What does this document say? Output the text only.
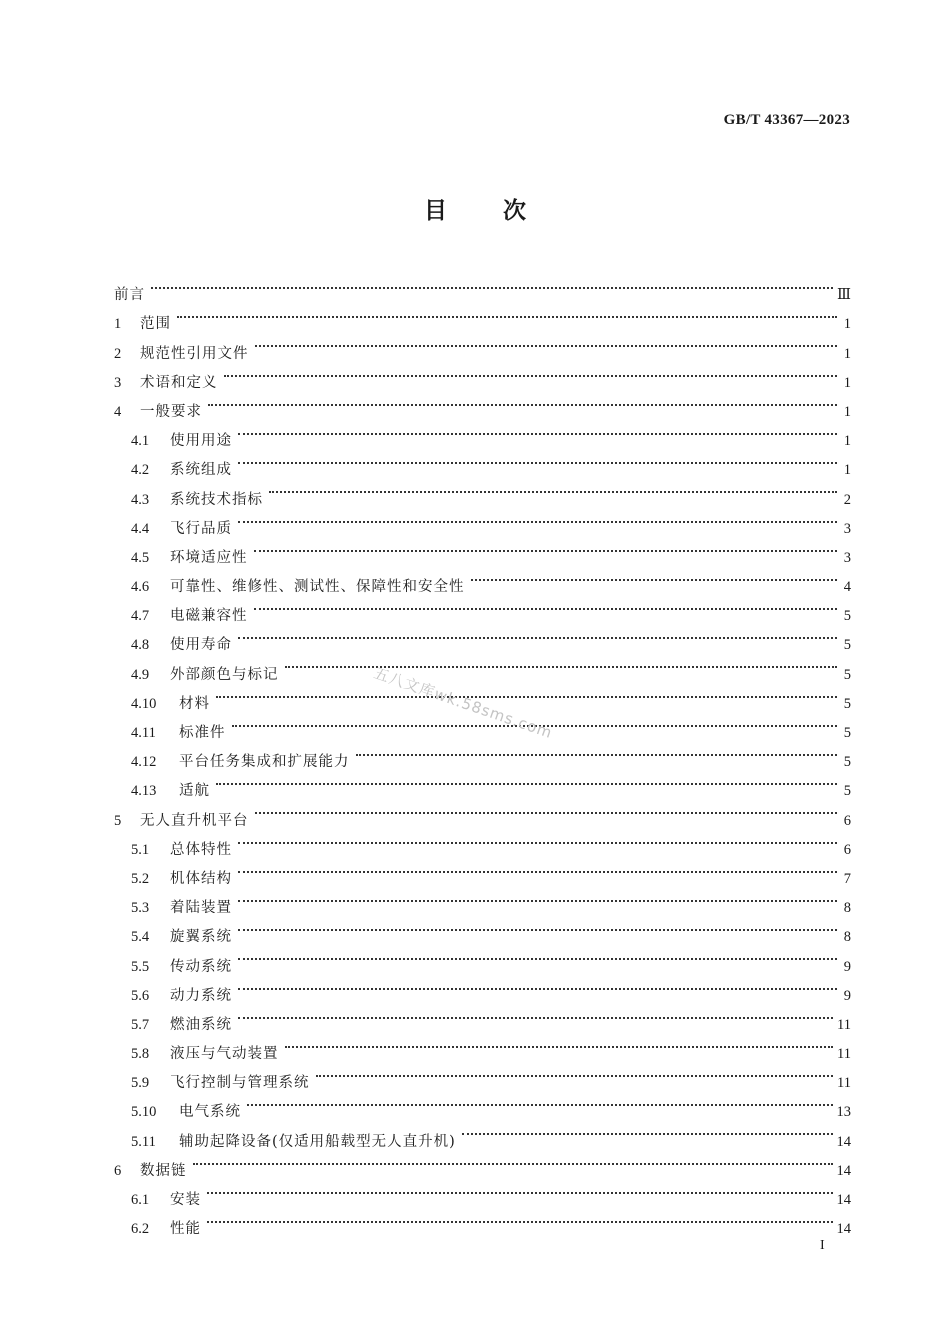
GB/T 43367—2023
目次
前言	Ⅲ
1	范围	1
2	规范性引用文件	1
3	术语和定义	1
4	一般要求	1
4.1	使用用途	1
4.2	系统组成	1
4.3	系统技术指标	2
4.4	飞行品质	3
4.5	环境适应性	3
4.6	可靠性、维修性、测试性、保障性和安全性	4
4.7	电磁兼容性	5
4.8	使用寿命	5
4.9	外部颜色与标记	5
4.10	材料	5
4.11	标准件	5
4.12	平台任务集成和扩展能力	5
4.13	适航	5
5	无人直升机平台	6
5.1	总体特性	6
5.2	机体结构	7
5.3	着陆装置	8
5.4	旋翼系统	8
5.5	传动系统	9
5.6	动力系统	9
5.7	燃油系统	11
5.8	液压与气动装置	11
5.9	飞行控制与管理系统	11
5.10	电气系统	13
5.11	辅助起降设备(仅适用船载型无人直升机)	14
6	数据链	14
6.1	安装	14
6.2	性能	14
五八文库wk.58sms.com
I
